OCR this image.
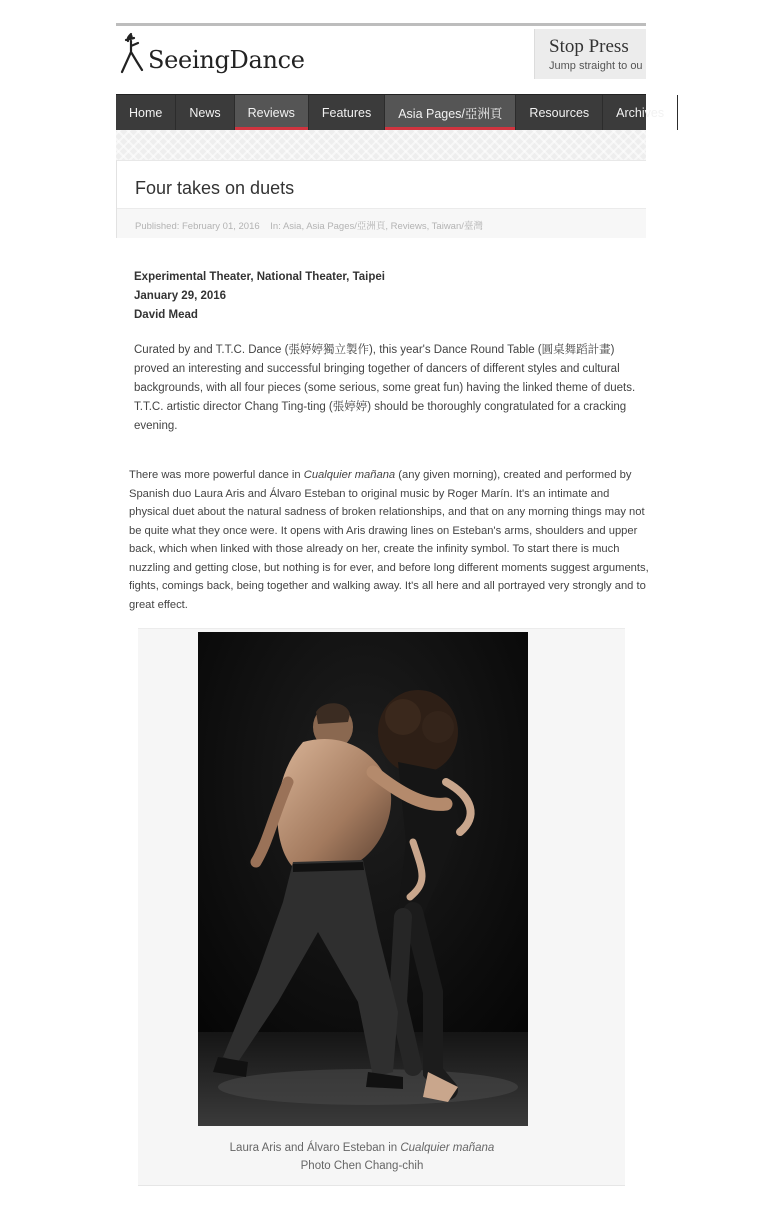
SeeingDance	Stop Press
Jump straight to ou
Home News Reviews Features Asia Pages/亞洲頁 Resources Archives
Four takes on duets
Published: February 01, 2016 In: Asia, Asia Pages/亞洲頁, Reviews, Taiwan/臺灣
Experimental Theater, National Theater, Taipei
January 29, 2016
David Mead

Curated by and T.T.C. Dance (張婷婷獨立製作), this year's Dance Round Table (圓桌舞蹈計畫) proved an interesting and successful bringing together of dancers of different styles and cultural backgrounds, with all four pieces (some serious, some great fun) having the linked theme of duets. T.T.C. artistic director Chang Ting-ting (張婷婷) should be thoroughly congratulated for a cracking evening.

There was more powerful dance in Cualquier mañana (any given morning), created and performed by Spanish duo Laura Aris and Álvaro Esteban to original music by Roger Marín. It's an intimate and physical duet about the natural sadness of broken relationships, and that on any morning things may not be quite what they once were. It opens with Aris drawing lines on Esteban's arms, shoulders and upper back, which when linked with those already on her, create the infinity symbol. To start there is much nuzzling and getting close, but nothing is for ever, and before long different moments suggest arguments, fights, comings back, being together and walking away. It's all here and all portrayed very strongly and to great effect.

Laura Aris and Álvaro Esteban in Cualquier mañana
Photo Chen Chang-chih
